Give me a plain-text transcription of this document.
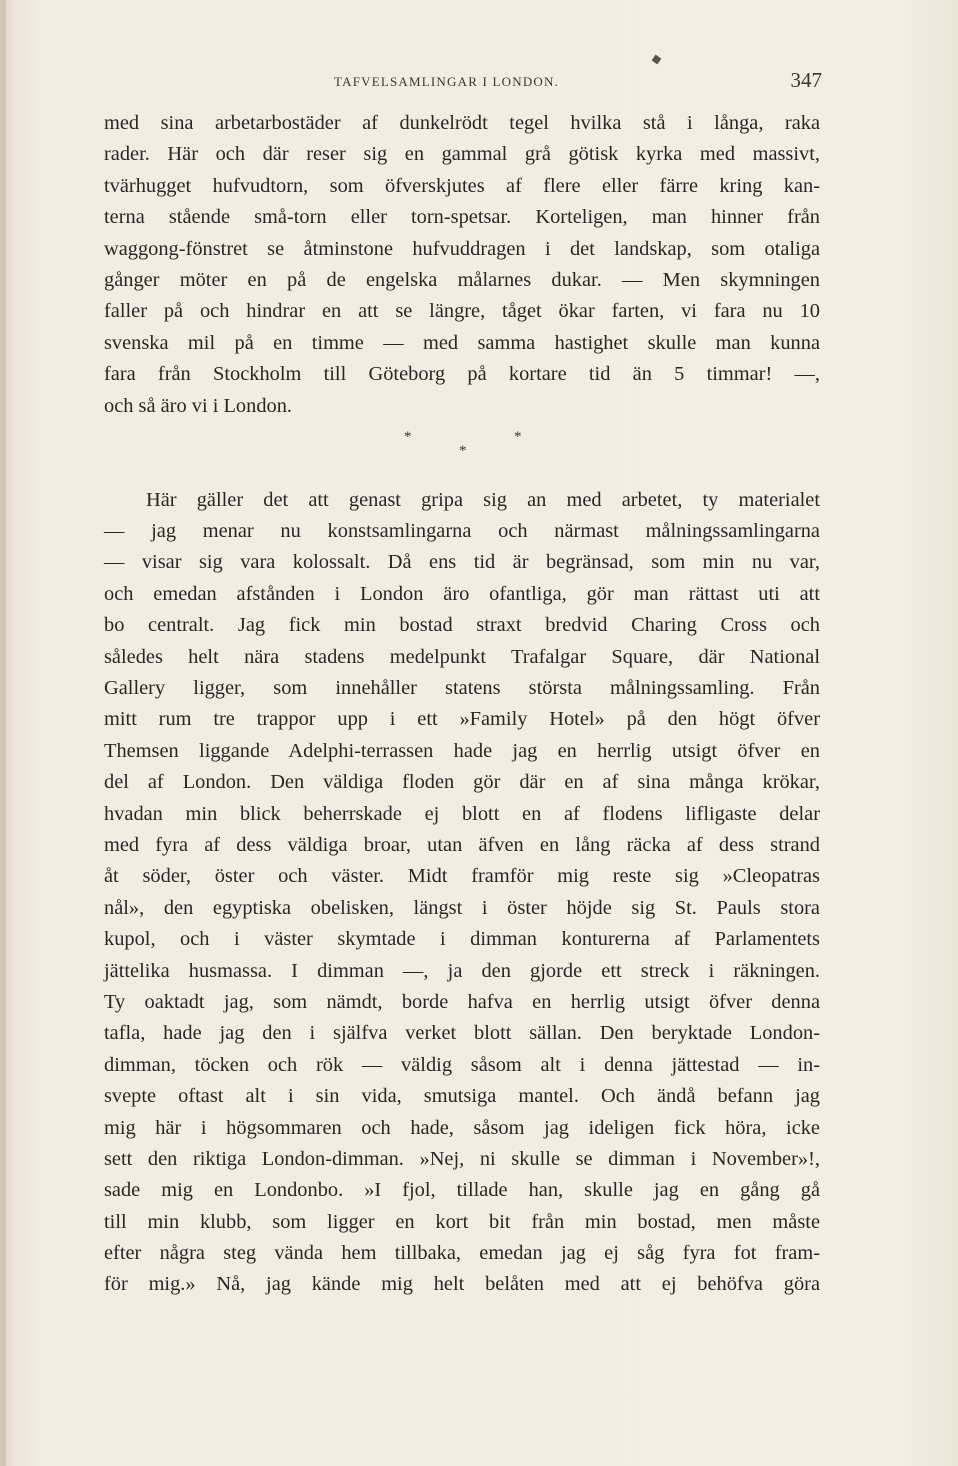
TAFVELSAMLINGAR I LONDON.	347
med sina arbetarbostäder af dunkelrödt tegel hvilka stå i långa, raka
rader. Här och där reser sig en gammal grå götisk kyrka med massivt,
tvärhugget hufvudtorn, som öfverskjutes af flere eller färre kring kan-
terna stående små-torn eller torn-spetsar. Korteligen, man hinner från
waggong-fönstret se åtminstone hufvuddragen i det landskap, som otaliga
gånger möter en på de engelska målarnes dukar. — Men skymningen
faller på och hindrar en att se längre, tåget ökar farten, vi fara nu 10
svenska mil på en timme — med samma hastighet skulle man kunna
fara från Stockholm till Göteborg på kortare tid än 5 timmar! —,
och så äro vi i London.
*	*
*
Här gäller det att genast gripa sig an med arbetet, ty materialet
— jag menar nu konstsamlingarna och närmast målningssamlingarna
— visar sig vara kolossalt. Då ens tid är begränsad, som min nu var,
och emedan afstånden i London äro ofantliga, gör man rättast uti att
bo centralt. Jag fick min bostad straxt bredvid Charing Cross och
således helt nära stadens medelpunkt Trafalgar Square, där National
Gallery ligger, som innehåller statens största målningssamling. Från
mitt rum tre trappor upp i ett »Family Hotel» på den högt öfver
Themsen liggande Adelphi-terrassen hade jag en herrlig utsigt öfver en
del af London. Den väldiga floden gör där en af sina många krökar,
hvadan min blick beherrskade ej blott en af flodens lifligaste delar
med fyra af dess väldiga broar, utan äfven en lång räcka af dess strand
åt söder, öster och väster. Midt framför mig reste sig »Cleopatras
nål», den egyptiska obelisken, längst i öster höjde sig St. Pauls stora
kupol, och i väster skymtade i dimman konturerna af Parlamentets
jättelika husmassa. I dimman —, ja den gjorde ett streck i räkningen.
Ty oaktadt jag, som nämdt, borde hafva en herrlig utsigt öfver denna
tafla, hade jag den i själfva verket blott sällan. Den beryktade London-
dimman, töcken och rök — väldig såsom alt i denna jättestad — in-
svepte oftast alt i sin vida, smutsiga mantel. Och ändå befann jag
mig här i högsommaren och hade, såsom jag ideligen fick höra, icke
sett den riktiga London-dimman. »Nej, ni skulle se dimman i November»!,
sade mig en Londonbo. »I fjol, tillade han, skulle jag en gång gå
till min klubb, som ligger en kort bit från min bostad, men måste
efter några steg vända hem tillbaka, emedan jag ej såg fyra fot fram-
för mig.» Nå, jag kände mig helt belåten med att ej behöfva göra
